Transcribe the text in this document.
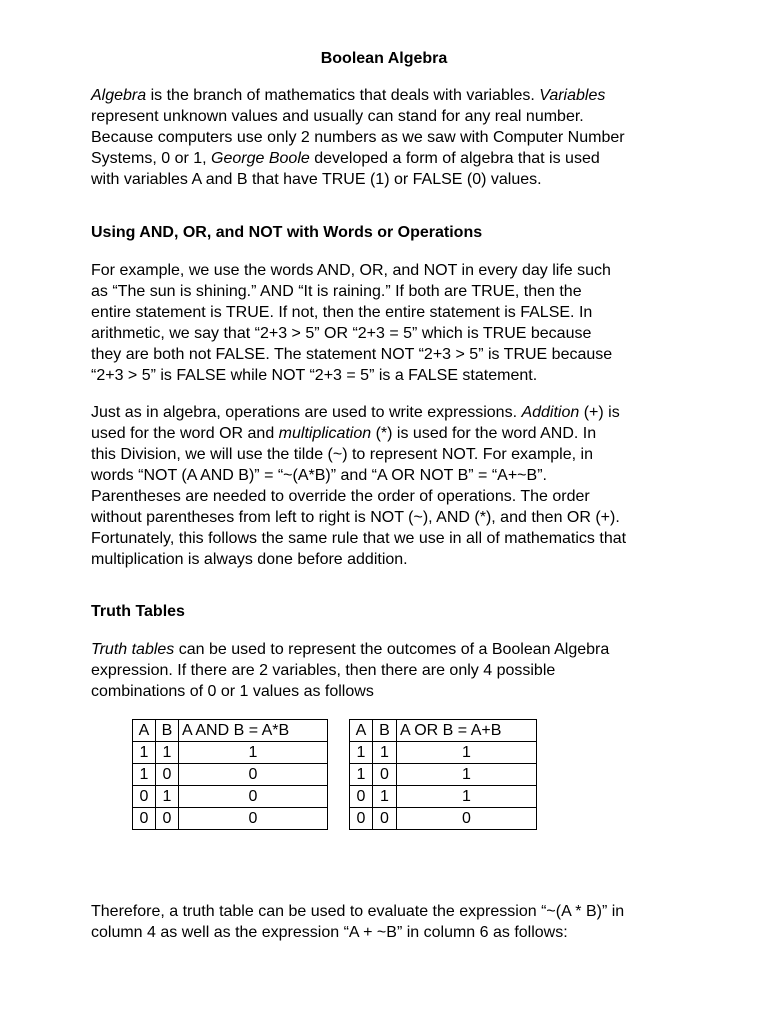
Boolean Algebra
Algebra is the branch of mathematics that deals with variables. Variables
represent unknown values and usually can stand for any real number.
Because computers use only 2 numbers as we saw with Computer Number
Systems, 0 or 1, George Boole developed a form of algebra that is used
with variables A and B that have TRUE (1) or FALSE (0) values.
Using AND, OR, and NOT with Words or Operations
For example, we use the words AND, OR, and NOT in every day life such
as “The sun is shining.” AND “It is raining.” If both are TRUE, then the
entire statement is TRUE. If not, then the entire statement is FALSE. In
arithmetic, we say that “2+3 > 5” OR “2+3 = 5” which is TRUE because
they are both not FALSE. The statement NOT “2+3 > 5” is TRUE because
“2+3 > 5” is FALSE while NOT “2+3 = 5” is a FALSE statement.
Just as in algebra, operations are used to write expressions. Addition (+) is
used for the word OR and multiplication (*) is used for the word AND. In
this Division, we will use the tilde (~) to represent NOT. For example, in
words “NOT (A AND B)” = “~(A*B)” and “A OR NOT B” = “A+~B”.
Parentheses are needed to override the order of operations. The order
without parentheses from left to right is NOT (~), AND (*), and then OR (+).
Fortunately, this follows the same rule that we use in all of mathematics that
multiplication is always done before addition.
Truth Tables
Truth tables can be used to represent the outcomes of a Boolean Algebra
expression. If there are 2 variables, then there are only 4 possible
combinations of 0 or 1 values as follows
A	B	A AND B = A*B
1	1	1
1	0	0
0	1	0
0	0	0
A	B	A OR B = A+B
1	1	1
1	0	1
0	1	1
0	0	0
Therefore, a truth table can be used to evaluate the expression “~(A * B)” in
column 4 as well as the expression “A + ~B” in column 6 as follows:
